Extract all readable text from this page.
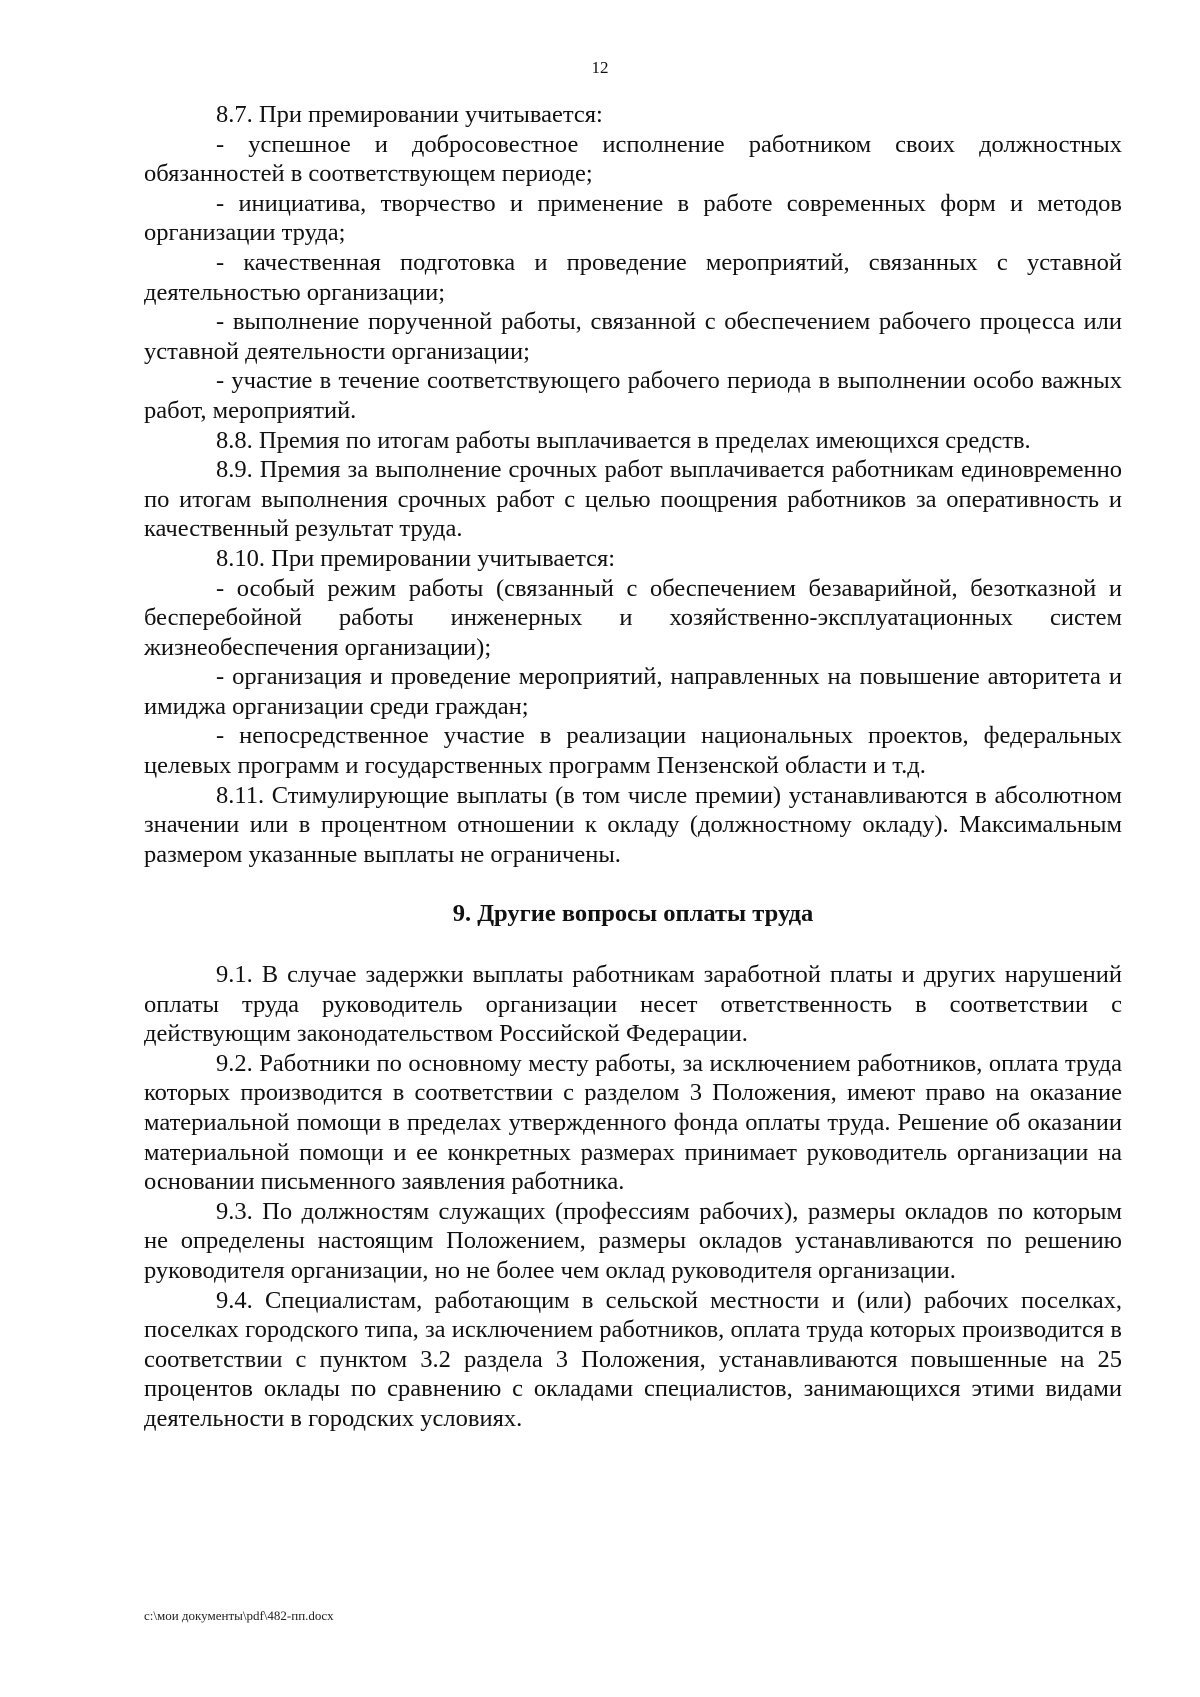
12

8.7. При премировании учитывается:

- успешное и добросовестное исполнение работником своих должностных обязанностей в соответствующем периоде;

- инициатива, творчество и применение в работе современных форм и методов организации труда;

- качественная подготовка и проведение мероприятий, связанных с уставной деятельностью организации;

- выполнение порученной работы, связанной с обеспечением рабочего процесса или уставной деятельности организации;

- участие в течение соответствующего рабочего периода в выполнении особо важных работ, мероприятий.

8.8. Премия по итогам работы выплачивается в пределах имеющихся средств.

8.9. Премия за выполнение срочных работ выплачивается работникам единовременно по итогам выполнения срочных работ с целью поощрения работников за оперативность и качественный результат труда.

8.10. При премировании учитывается:

- особый режим работы (связанный с обеспечением безаварийной, безотказной и бесперебойной работы инженерных и хозяйственно-эксплуатационных систем жизнеобеспечения организации);

- организация и проведение мероприятий, направленных на повышение авторитета и имиджа организации среди граждан;

- непосредственное участие в реализации национальных проектов, федеральных целевых программ и государственных программ Пензенской области и т.д.

8.11. Стимулирующие выплаты (в том числе премии) устанавливаются в абсолютном значении или в процентном отношении к окладу (должностному окладу). Максимальным размером указанные выплаты не ограничены.

9. Другие вопросы оплаты труда

9.1. В случае задержки выплаты работникам заработной платы и других нарушений оплаты труда руководитель организации несет ответственность в соответствии с действующим законодательством Российской Федерации.

9.2. Работники по основному месту работы, за исключением работников, оплата труда которых производится в соответствии с разделом 3 Положения, имеют право на оказание материальной помощи в пределах утвержденного фонда оплаты труда. Решение об оказании материальной помощи и ее конкретных размерах принимает руководитель организации на основании письменного заявления работника.

9.3. По должностям служащих (профессиям рабочих), размеры окладов по которым не определены настоящим Положением, размеры окладов устанавливаются по решению руководителя организации, но не более чем оклад руководителя организации.

9.4. Специалистам, работающим в сельской местности и (или) рабочих поселках, поселках городского типа, за исключением работников, оплата труда которых производится в соответствии с пунктом 3.2 раздела 3 Положения, устанавливаются повышенные на 25 процентов оклады по сравнению с окладами специалистов, занимающихся этими видами деятельности в городских условиях.

c:\мои документы\pdf\482-пп.docx
